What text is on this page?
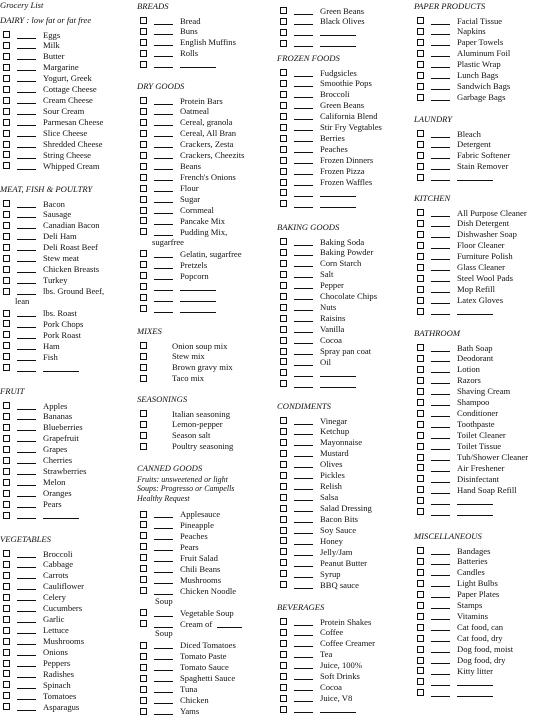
Grocery List
DAIRY : low fat or fat free
Eggs
Milk
Butter
Margarine
Yogurt, Greek
Cottage Cheese
Cream Cheese
Sour Cream
Parmesan Cheese
Slice Cheese
Shredded Cheese
String Cheese
Whipped Cream
MEAT, FISH & POULTRY
Bacon
Sausage
Canadian Bacon
Deli Ham
Deli Roast Beef
Stew meat
Chicken Breasts
Turkey
lbs. Ground Beef,
lean
lbs. Roast
Pork Chops
Pork Roast
Ham
Fish
FRUIT
Apples
Bananas
Blueberries
Grapefruit
Grapes
Cherries
Strawberries
Melon
Oranges
Pears
VEGETABLES
Broccoli
Cabbage
Carrots
Cauliflower
Celery
Cucumbers
Garlic
Lettuce
Mushrooms
Onions
Peppers
Radishes
Spinach
Tomatoes
Asparagus
BREADS
Bread
Buns
English Muffins
Rolls
DRY GOODS
Protein Bars
Oatmeal
Cereal, granola
Cereal, All Bran
Crackers, Zesta
Crackers, Cheezits
Beans
French's Onions
Flour
Sugar
Cornmeal
Pancake Mix
Pudding Mix,
sugarfree
Gelatin, sugarfree
Pretzels
Popcorn
MIXES
Onion soup mix
Stew mix
Brown gravy mix
Taco mix
SEASONINGS
Italian seasoning
Lemon-pepper
Season salt
Poultry seasoning
CANNED GOODS
Fruits: unsweetened or light
Soups: Progresso or Campells
Healthy Request
Applesauce
Pineapple
Peaches
Pears
Fruit Salad
Chili Beans
Mushrooms
Chicken Noodle
Soup
Vegetable Soup
Cream of
Soup
Diced Tomatoes
Tomato Paste
Tomato Sauce
Spaghetti Sauce
Tuna
Chicken
Yams
Green Beans
Black Olives
FROZEN FOODS
Fudgsicles
Smoothie Pops
Broccoli
Green Beans
California Blend
Stir Fry Vegtables
Berries
Peaches
Frozen Dinners
Frozen Pizza
Frozen Waffles
BAKING GOODS
Baking Soda
Baking Powder
Corn Starch
Salt
Pepper
Chocolate Chips
Nuts
Raisins
Vanilla
Cocoa
Spray pan coat
Oil
CONDIMENTS
Vinegar
Ketchup
Mayonnaise
Mustard
Olives
Pickles
Relish
Salsa
Salad Dressing
Bacon Bits
Soy Sauce
Honey
Jelly/Jam
Peanut Butter
Syrup
BBQ sauce
BEVERAGES
Protein Shakes
Coffee
Coffee Creamer
Tea
Juice, 100%
Soft Drinks
Cocoa
Juice, V8
PAPER PRODUCTS
Facial Tissue
Napkins
Paper Towels
Aluminum Foil
Plastic Wrap
Lunch Bags
Sandwich Bags
Garbage Bags
LAUNDRY
Bleach
Detergent
Fabric Softener
Stain Remover
KITCHEN
All Purpose Cleaner
Dish Detergent
Dishwasher Soap
Floor Cleaner
Furniture Polish
Glass Cleaner
Steel Wool Pads
Mop Refill
Latex Gloves
BATHROOM
Bath Soap
Deodorant
Lotion
Razors
Shaving Cream
Shampoo
Conditioner
Toothpaste
Toilet Cleaner
Toilet Tissue
Tub/Shower Cleaner
Air Freshener
Disinfectant
Hand Soap Refill
MISCELLANEOUS
Bandages
Batteries
Candles
Light Bulbs
Paper Plates
Stamps
Vitamins
Cat food, can
Cat food, dry
Dog food, moist
Dog food, dry
Kitty litter
